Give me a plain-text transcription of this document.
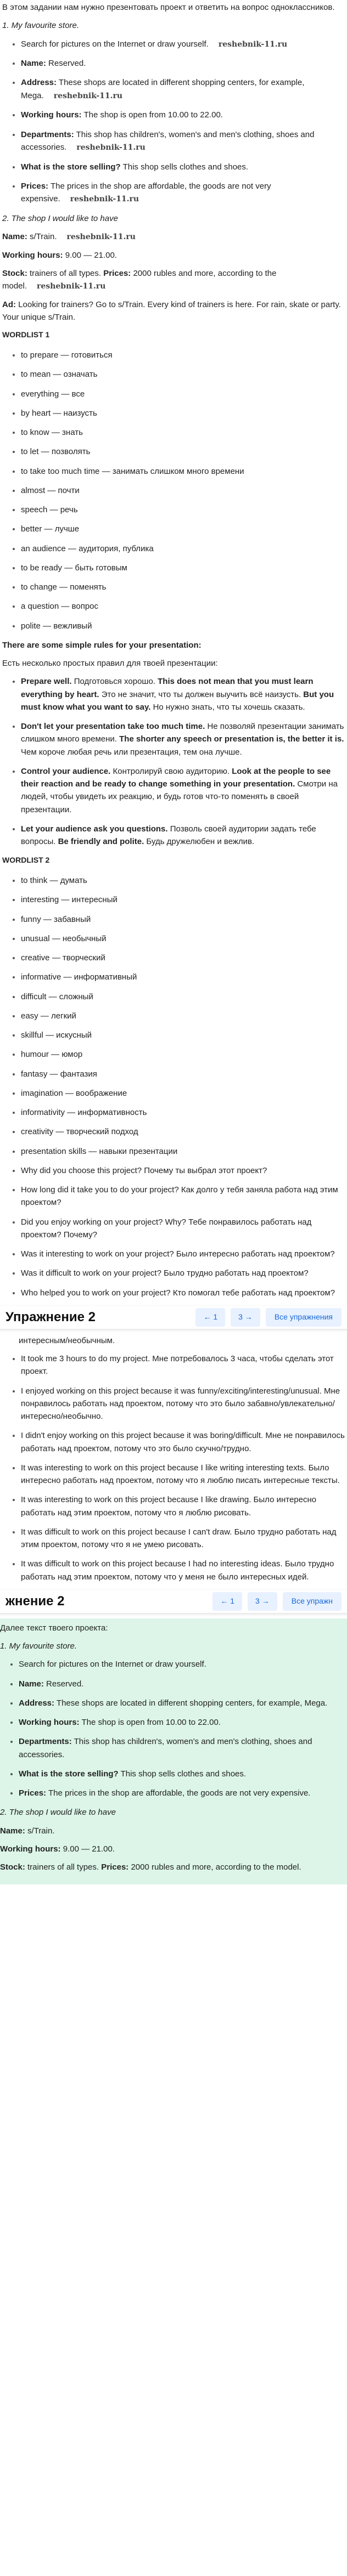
В этом задании нам нужно презентовать проект и ответить на вопрос одноклассников.

1. My favourite store.

• Search for pictures on the Internet or draw yourself. reshebnik-11.ru
• Name: Reserved.
• Address: These shops are located in different shopping centers, for example, Mega. reshebnik-11.ru
• Working hours: The shop is open from 10.00 to 22.00.
• Departments: This shop has children's, women's and men's clothing, shoes and accessories. reshebnik-11.ru
• What is the store selling? This shop sells clothes and shoes.
• Prices: The prices in the shop are affordable, the goods are not very expensive. reshebnik-11.ru

2. The shop I would like to have

Name: s/Train. reshebnik-11.ru

Working hours: 9.00 — 21.00.

Stock: trainers of all types. Prices: 2000 rubles and more, according to the model. reshebnik-11.ru

Ad: Looking for trainers? Go to s/Train. Every kind of trainers is here. For rain, skate or party. Your unique s/Train.

WORDLIST 1
• to prepare — готовиться
• to mean — означать
• everything — все
• by heart — наизусть
• to know — знать
• to let — позволять
• to take too much time — занимать слишком много времени
• almost — почти
• speech — речь
• better — лучше
• an audience — аудитория, публика
• to be ready — быть готовым
• to change — поменять
• a question — вопрос
• polite — вежливый

There are some simple rules for your presentation:

Есть несколько простых правил для твоей презентации:

• Prepare well. Подготовься хорошо. This does not mean that you must learn everything by heart. Это не значит, что ты должен выучить всё наизусть. But you must know what you want to say. Но нужно знать, что ты хочешь сказать.
• Don't let your presentation take too much time. Не позволяй презентации занимать слишком много времени. The shorter any speech or presentation is, the better it is. Чем короче любая речь или презентация, тем она лучше.
• Control your audience. Контролируй свою аудиторию. Look at the people to see their reaction and be ready to change something in your presentation. Смотри на людей, чтобы увидеть их реакцию, и будь готов что-то поменять в своей презентации.
• Let your audience ask you questions. Позволь своей аудитории задать тебе вопросы. Be friendly and polite. Будь дружелюбен и вежлив.
WORDLIST 2
• to think — думать
• interesting — интересный
• funny — забавный
• unusual — необычный
• creative — творческий
• informative — информативный
• difficult — сложный
• easy — легкий
• skillful — искусный
• humour — юмор
• fantasy — фантазия
• imagination — воображение
• informativity — информативность
• creativity — творческий подход
• presentation skills — навыки презентации
• Why did you choose this project? Почему ты выбрал этот проект?
• How long did it take you to do your project? Как долго у тебя заняла работа над этим проектом?
• Did you enjoy working on your project? Why? Тебе понравилось работать над проектом? Почему?
• Was it interesting to work on your project? Было интересно работать над проектом?
• Was it difficult to work on your project? Было трудно работать над проектом?
• Who helped you to work on your project? Кто помогал тебе работать над проектом?
Упражнение 2	← 1	3 →	Все упражнения

интересным/необычным.

• It took me 3 hours to do my project. Мне потребовалось 3 часа, чтобы сделать этот проект.
• I enjoyed working on this project because it was funny/exciting/interesting/unusual. Мне понравилось работать над проектом, потому что это было забавно/увлекательно/интересно/необычно.
• I didn't enjoy working on this project because it was boring/difficult. Мне не понравилось работать над проектом, потому что это было скучно/трудно.
• It was interesting to work on this project because I like writing interesting texts. Было интересно работать над проектом, потому что я люблю писать интересные тексты.
• It was interesting to work on this project because I like drawing. Было интересно работать над этим проектом, потому что я люблю рисовать.
• It was difficult to work on this project because I can't draw. Было трудно работать над этим проектом, потому что я не умею рисовать.
• It was difficult to work on this project because I had no interesting ideas. Было трудно работать над этим проектом, потому что у меня не было интересных идей.
жнение 2	← 1	3 →	Все упражн

Далее текст твоего проекта:

1. My favourite store.

• Search for pictures on the Internet or draw yourself.
• Name: Reserved.
• Address: These shops are located in different shopping centers, for example, Mega.
• Working hours: The shop is open from 10.00 to 22.00.
• Departments: This shop has children's, women's and men's clothing, shoes and accessories.
• What is the store selling? This shop sells clothes and shoes.
• Prices: The prices in the shop are affordable, the goods are not very expensive.

2. The shop I would like to have

Name: s/Train.

Working hours: 9.00 — 21.00.

Stock: trainers of all types. Prices: 2000 rubles and more, according to the model.
